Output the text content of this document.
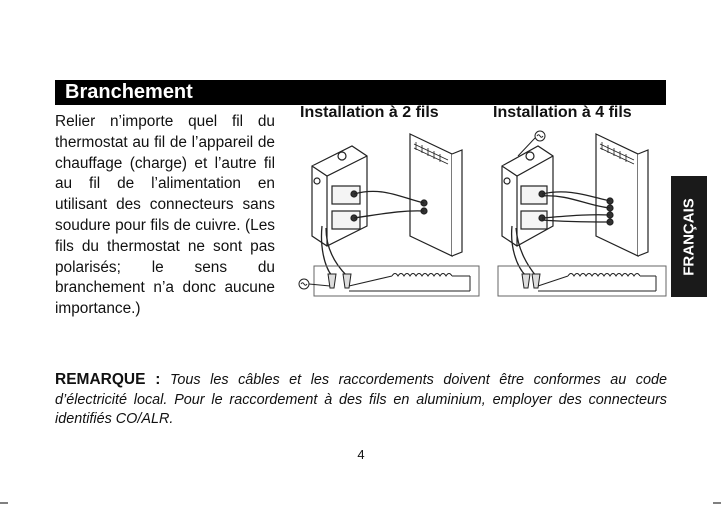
Branchement
Relier n’importe quel fil du thermostat au fil de l’appareil de chauffage (charge) et l’autre fil au fil de l’alimentation en utilisant des connecteurs sans soudure pour fils de cuivre. (Les fils du thermostat ne sont pas polarisés; le sens du branchement n’a donc aucune importance.)
Installation à 2 fils	Installation à 4 fils
FRANÇAIS
REMARQUE : Tous les câbles et les raccordements doivent être conformes au code d’électricité local. Pour le raccordement à des fils en aluminium, employer des connecteurs identifiés CO/ALR.
4
